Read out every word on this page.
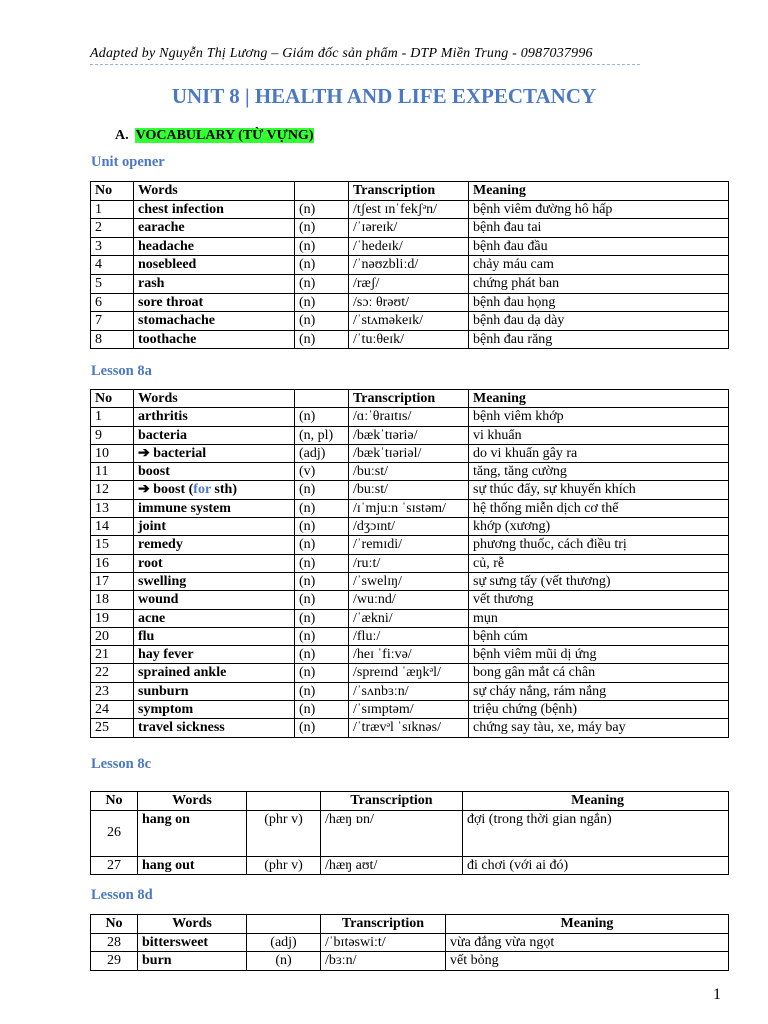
Adapted by Nguyễn Thị Lương – Giám đốc sản phẩm - DTP Miền Trung - 0987037996
UNIT 8 | HEALTH AND LIFE EXPECTANCY
A. VOCABULARY (TỪ VỰNG)
Unit opener
No	Words		Transcription	Meaning
1	chest infection	(n)	/tʃest ɪnˈfekʃᵊn/	bệnh viêm đường hô hấp
2	earache	(n)	/ˈɪəreɪk/	bệnh đau tai
3	headache	(n)	/ˈhedeɪk/	bệnh đau đầu
4	nosebleed	(n)	/ˈnəʊzbliːd/	chảy máu cam
5	rash	(n)	/ræʃ/	chứng phát ban
6	sore throat	(n)	/sɔː θrəʊt/	bệnh đau họng
7	stomachache	(n)	/ˈstʌməkeɪk/	bệnh đau dạ dày
8	toothache	(n)	/ˈtuːθeɪk/	bệnh đau răng
Lesson 8a
No	Words		Transcription	Meaning
1	arthritis	(n)	/ɑːˈθraɪtɪs/	bệnh viêm khớp
9	bacteria	(n, pl)	/bækˈtɪəriə/	vi khuẩn
10	➔ bacterial	(adj)	/bækˈtɪəriəl/	do vi khuẩn gây ra
11	boost	(v)	/buːst/	tăng, tăng cường
12	➔ boost (for sth)	(n)	/buːst/	sự thúc đẩy, sự khuyến khích
13	immune system	(n)	/ɪˈmjuːn ˈsɪstəm/	hệ thống miễn dịch cơ thể
14	joint	(n)	/dʒɔɪnt/	khớp (xương)
15	remedy	(n)	/ˈremɪdi/	phương thuốc, cách điều trị
16	root	(n)	/ruːt/	củ, rễ
17	swelling	(n)	/ˈswelɪŋ/	sự sưng tấy (vết thương)
18	wound	(n)	/wuːnd/	vết thương
19	acne	(n)	/ˈækni/	mụn
20	flu	(n)	/fluː/	bệnh cúm
21	hay fever	(n)	/heɪ ˈfiːvə/	bệnh viêm mũi dị ứng
22	sprained ankle	(n)	/spreɪnd ˈæŋkᵊl/	bong gân mắt cá chân
23	sunburn	(n)	/ˈsʌnbɜːn/	sự cháy nắng, rám nắng
24	symptom	(n)	/ˈsɪmptəm/	triệu chứng (bệnh)
25	travel sickness	(n)	/ˈtrævᵊl ˈsɪknəs/	chứng say tàu, xe, máy bay
Lesson 8c
No	Words		Transcription	Meaning
26	hang on	(phr v)	/hæŋ ɒn/	đợi (trong thời gian ngắn)
27	hang out	(phr v)	/hæŋ aʊt/	đi chơi (với ai đó)
Lesson 8d
No	Words		Transcription	Meaning
28	bittersweet	(adj)	/ˈbɪtəswiːt/	vừa đắng vừa ngọt
29	burn	(n)	/bɜːn/	vết bỏng
1
